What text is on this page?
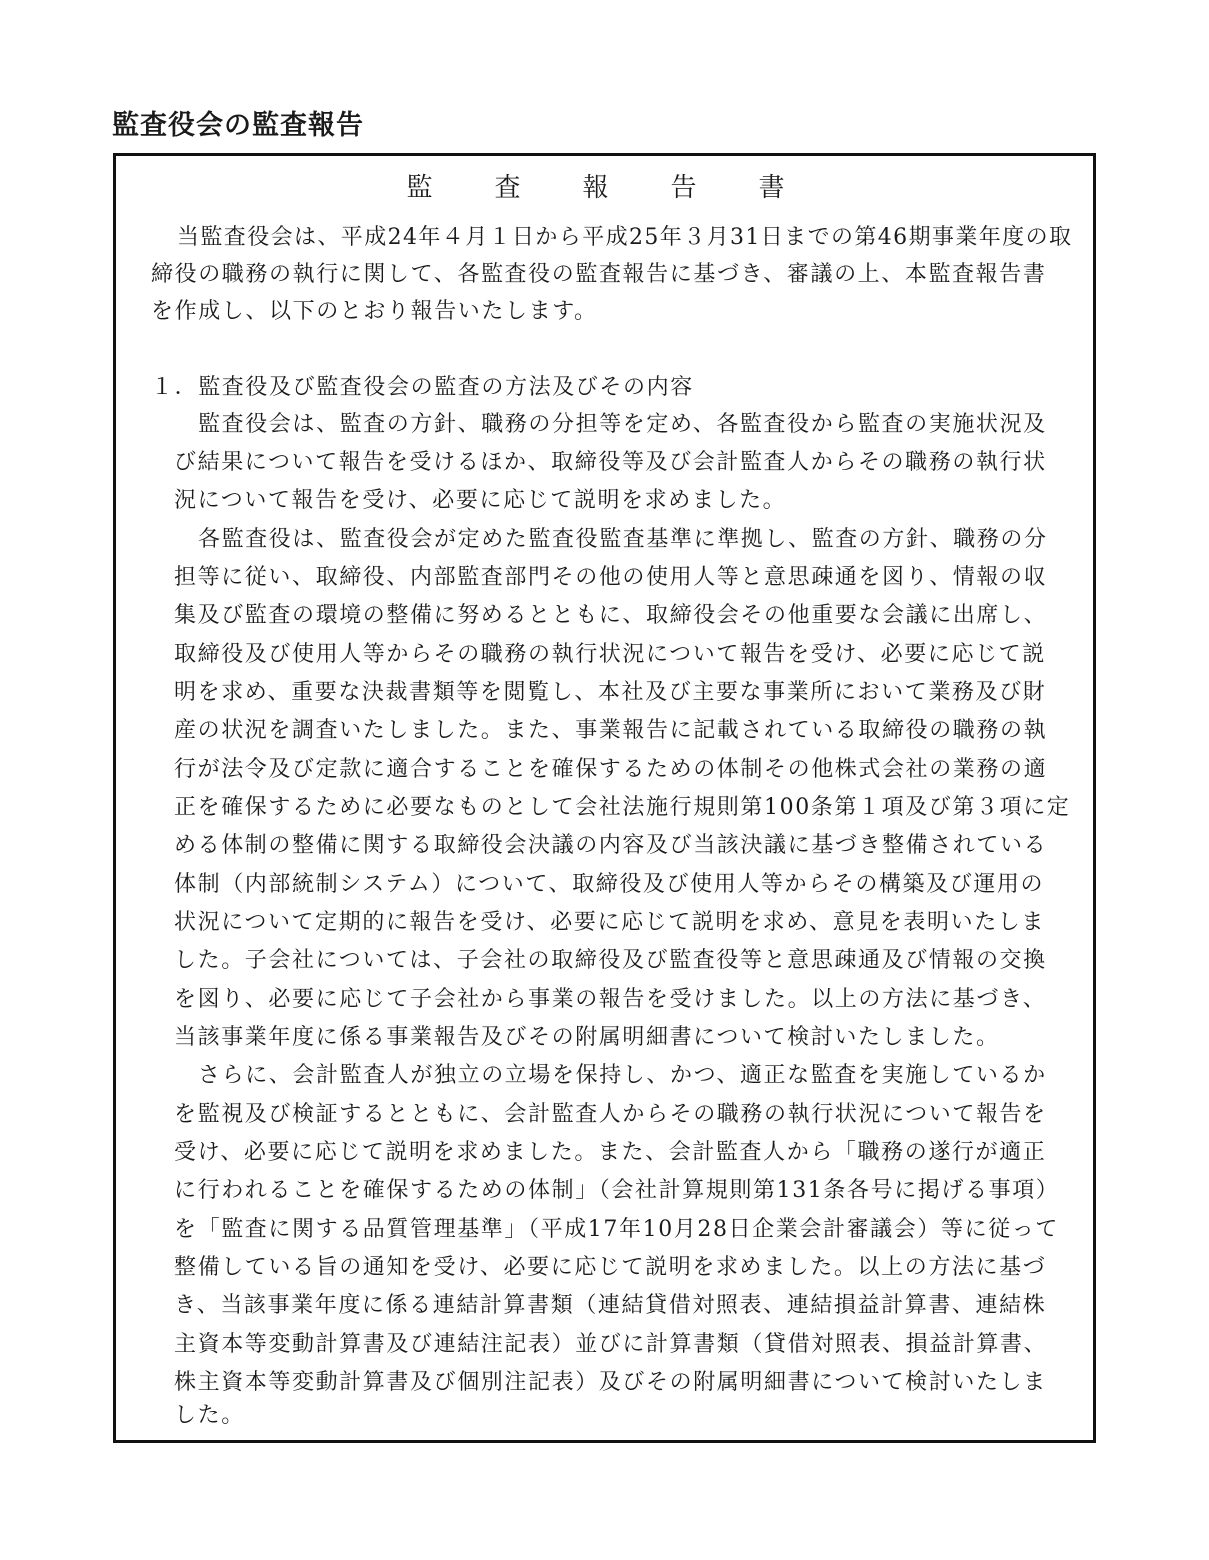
監査役会の監査報告
監　査　報　告　書
当監査役会は、平成24年４月１日から平成25年３月31日までの第46期事業年度の取
締役の職務の執行に関して、各監査役の監査報告に基づき、審議の上、本監査報告書
を作成し、以下のとおり報告いたします。
１．監査役及び監査役会の監査の方法及びその内容
監査役会は、監査の方針、職務の分担等を定め、各監査役から監査の実施状況及
び結果について報告を受けるほか、取締役等及び会計監査人からその職務の執行状
況について報告を受け、必要に応じて説明を求めました。
各監査役は、監査役会が定めた監査役監査基準に準拠し、監査の方針、職務の分
担等に従い、取締役、内部監査部門その他の使用人等と意思疎通を図り、情報の収
集及び監査の環境の整備に努めるとともに、取締役会その他重要な会議に出席し、
取締役及び使用人等からその職務の執行状況について報告を受け、必要に応じて説
明を求め、重要な決裁書類等を閲覧し、本社及び主要な事業所において業務及び財
産の状況を調査いたしました。また、事業報告に記載されている取締役の職務の執
行が法令及び定款に適合することを確保するための体制その他株式会社の業務の適
正を確保するために必要なものとして会社法施行規則第100条第１項及び第３項に定
める体制の整備に関する取締役会決議の内容及び当該決議に基づき整備されている
体制（内部統制システム）について、取締役及び使用人等からその構築及び運用の
状況について定期的に報告を受け、必要に応じて説明を求め、意見を表明いたしま
した。子会社については、子会社の取締役及び監査役等と意思疎通及び情報の交換
を図り、必要に応じて子会社から事業の報告を受けました。以上の方法に基づき、
当該事業年度に係る事業報告及びその附属明細書について検討いたしました。
さらに、会計監査人が独立の立場を保持し、かつ、適正な監査を実施しているか
を監視及び検証するとともに、会計監査人からその職務の執行状況について報告を
受け、必要に応じて説明を求めました。また、会計監査人から「職務の遂行が適正
に行われることを確保するための体制」（会社計算規則第131条各号に掲げる事項）
を「監査に関する品質管理基準」（平成17年10月28日企業会計審議会）等に従って
整備している旨の通知を受け、必要に応じて説明を求めました。以上の方法に基づ
き、当該事業年度に係る連結計算書類（連結貸借対照表、連結損益計算書、連結株
主資本等変動計算書及び連結注記表）並びに計算書類（貸借対照表、損益計算書、
株主資本等変動計算書及び個別注記表）及びその附属明細書について検討いたしま
した。
